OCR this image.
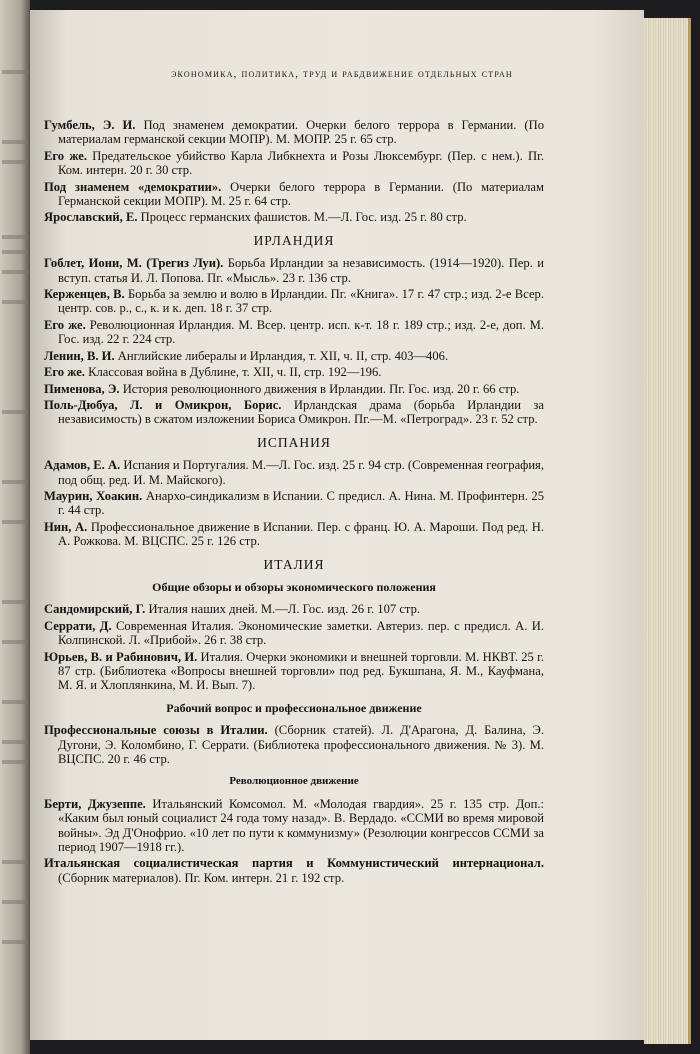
экономика, политика, труд и рабдвижение отдельных стран

Гумбель, Э. И. Под знаменем демократии. Очерки белого террора в Германии. (По материалам германской секции МОПР). М. МОПР. 25 г. 65 стр.

Его же. Предательское убийство Карла Либкнехта и Розы Люксембург. (Пер. с нем.). Пг. Ком. интерн. 20 г. 30 стр.

Под знаменем «демократии». Очерки белого террора в Германии. (По материалам Германской секции МОПР). М. 25 г. 64 стр.

Ярославский, Е. Процесс германских фашистов. М.—Л. Гос. изд. 25 г. 80 стр.

ИРЛАНДИЯ

Гоблет, Иони, М. (Трегиз Луи). Борьба Ирландии за независимость. (1914—1920). Пер. и вступ. статья И. Л. Попова. Пг. «Мысль». 23 г. 136 стр.

Керженцев, В. Борьба за землю и волю в Ирландии. Пг. «Книга». 17 г. 47 стр.; изд. 2-е Всер. центр. сов. р., с., к. и к. деп. 18 г. 37 стр.

Его же. Революционная Ирландия. М. Всер. центр. исп. к-т. 18 г. 189 стр.; изд. 2-е, доп. М. Гос. изд. 22 г. 224 стр.

Ленин, В. И. Английские либералы и Ирландия, т. XII, ч. II, стр. 403—406.

Его же. Классовая война в Дублине, т. XII, ч. II, стр. 192—196.

Пименова, Э. История революционного движения в Ирландии. Пг. Гос. изд. 20 г. 66 стр.

Поль-Дюбуа, Л. и Омикрон, Борис. Ирландская драма (борьба Ирландии за независимость) в сжатом изложении Бориса Омикрон. Пг.—М. «Петроград». 23 г. 52 стр.

ИСПАНИЯ

Адамов, Е. А. Испания и Португалия. М.—Л. Гос. изд. 25 г. 94 стр. (Современная география, под общ. ред. И. М. Майского).

Маурин, Хоакин. Анархо-синдикализм в Испании. С предисл. А. Нина. М. Профинтерн. 25 г. 44 стр.

Нин, А. Профессиональное движение в Испании. Пер. с франц. Ю. А. Мароши. Под ред. Н. А. Рожкова. М. ВЦСПС. 25 г. 126 стр.

ИТАЛИЯ
Общие обзоры и обзоры экономического положения

Сандомирский, Г. Италия наших дней. М.—Л. Гос. изд. 26 г. 107 стр.

Серрати, Д. Современная Италия. Экономические заметки. Автериз. пер. с предисл. А. И. Колпинской. Л. «Прибой». 26 г. 38 стр.

Юрьев, В. и Рабинович, И. Италия. Очерки экономики и внешней торговли. М. НКВТ. 25 г. 87 стр. (Библиотека «Вопросы внешней торговли» под ред. Букшпана, Я. М., Кауфмана, М. Я. и Хлоплянкина, М. И. Вып. 7).

Рабочий вопрос и профессиональное движение

Профессиональные союзы в Италии. (Сборник статей). Л. Д'Арагона, Д. Балина, Э. Дугони, Э. Коломбино, Г. Серрати. (Библиотека профессионального движения. № 3). М. ВЦСПС. 20 г. 46 стр.

Революционное движение

Берти, Джузеппе. Итальянский Комсомол. М. «Молодая гвардия». 25 г. 135 стр. Доп.: «Каким был юный социалист 24 года тому назад». В. Вердадо. «ССМИ во время мировой войны». Эд Д'Онофрио. «10 лет по пути к коммунизму» (Резолюции конгрессов ССМИ за период 1907—1918 гг.).

Итальянская социалистическая партия и Коммунистический интернационал. (Сборник материалов). Пг. Ком. интерн. 21 г. 192 стр.
